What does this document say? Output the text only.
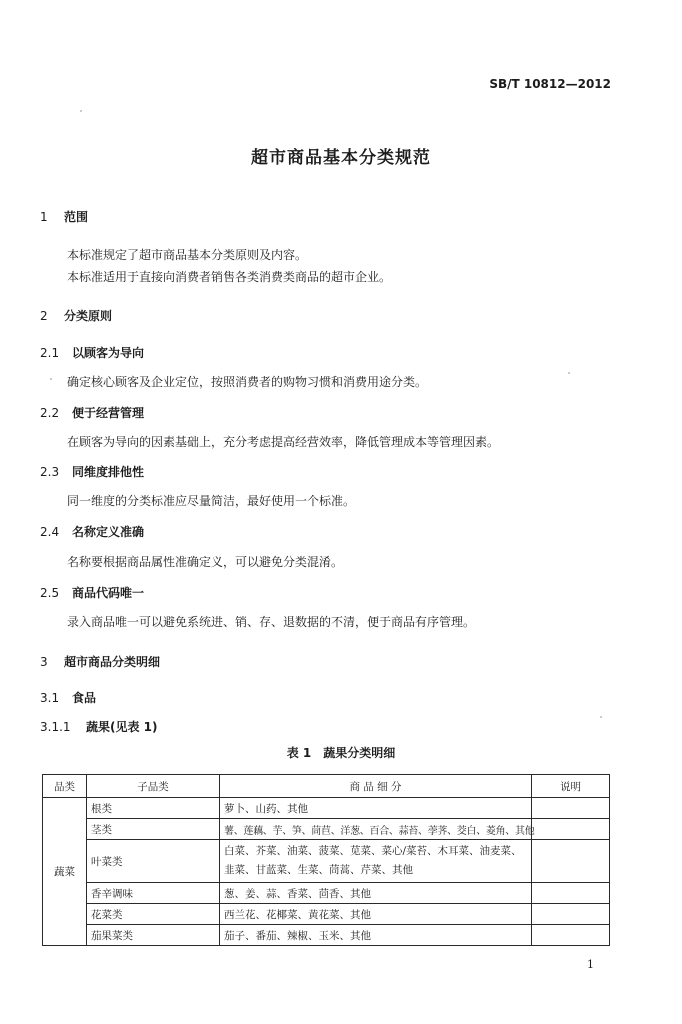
SB/T 10812—2012
超市商品基本分类规范
1 范围
本标准规定了超市商品基本分类原则及内容。
本标准适用于直接向消费者销售各类消费类商品的超市企业。
2 分类原则
2.1 以顾客为导向
确定核心顾客及企业定位，按照消费者的购物习惯和消费用途分类。
2.2 便于经营管理
在顾客为导向的因素基础上，充分考虑提高经营效率，降低管理成本等管理因素。
2.3 同维度排他性
同一维度的分类标准应尽量简洁，最好使用一个标准。
2.4 名称定义准确
名称要根据商品属性准确定义，可以避免分类混淆。
2.5 商品代码唯一
录入商品唯一可以避免系统进、销、存、退数据的不清，便于商品有序管理。
3 超市商品分类明细
3.1 食品
3.1.1 蔬果(见表 1)
表 1　蔬果分类明细
品类	子品类	商 品 细 分	说明
蔬菜	根类	萝卜、山药、其他	
	茎类	薯、莲藕、芋、笋、茼苣、洋葱、百合、蒜苔、荸荠、茭白、菱角、其他	
	叶菜类	白菜、芥菜、油菜、菠菜、苋菜、菜心/菜苔、木耳菜、油麦菜、韭菜、甘蓝菜、生菜、茼蒿、芹菜、其他	
	香辛调味	葱、姜、蒜、香菜、茴香、其他	
	花菜类	西兰花、花椰菜、黄花菜、其他	
	茄果菜类	茄子、番茄、辣椒、玉米、其他	
1
